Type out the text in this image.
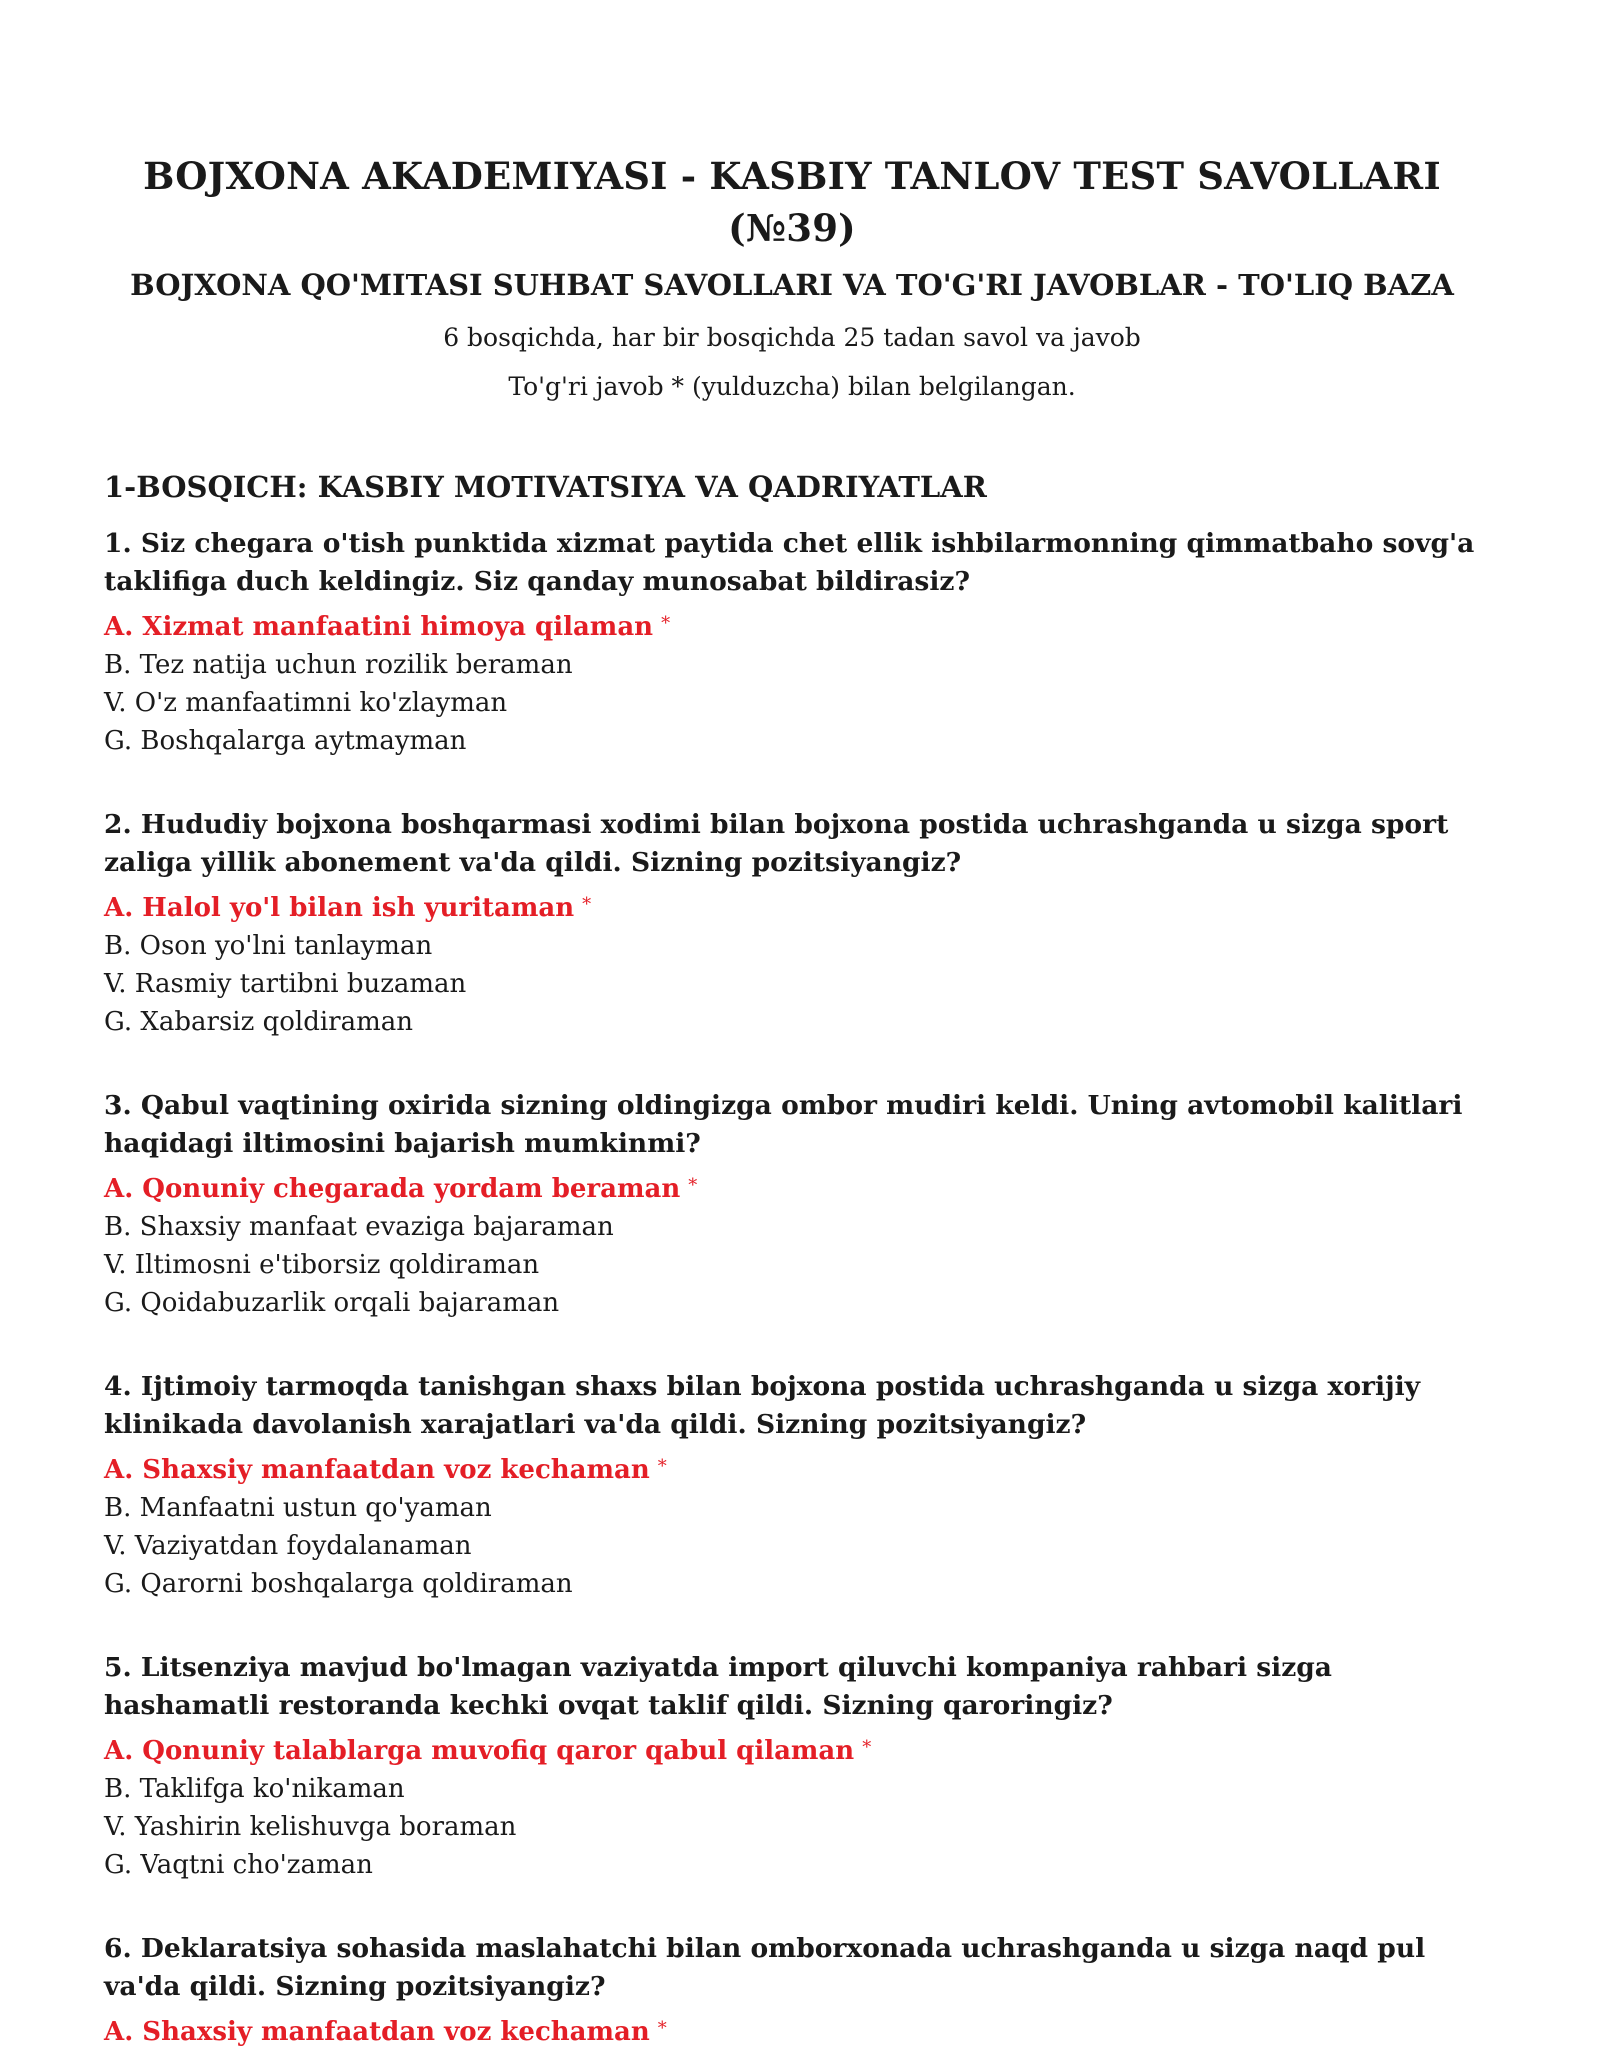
BOJXONA AKADEMIYASI - KASBIY TANLOV TEST SAVOLLARI (№39)
BOJXONA QO'MITASI SUHBAT SAVOLLARI VA TO'G'RI JAVOBLAR - TO'LIQ BAZA

6 bosqichda, har bir bosqichda 25 tadan savol va javob

To'g'ri javob * (yulduzcha) bilan belgilangan.

1-BOSQICH: KASBIY MOTIVATSIYA VA QADRIYATLAR

1 . Siz chegara o'tish punktida xizmat paytida chet ellik ishbilarmonning qimmatbaho sovg'a taklifiga duch keldingiz. Siz qanday munosabat bildirasiz?

A . Xizmat manfaatini himoya qilaman *

B . Tez natija uchun rozilik beraman

V . O'z manfaatimni ko'zlayman

G . Boshqalarga aytmayman

2 . Hududiy bojxona boshqarmasi xodimi bilan bojxona postida uchrashganda u sizga sport zaliga yillik abonement va'da qildi. Sizning pozitsiyangiz?

A . Halol yo'l bilan ish yuritaman *

B . Oson yo'lni tanlayman

V . Rasmiy tartibni buzaman

G . Xabarsiz qoldiraman

3 . Qabul vaqtining oxirida sizning oldingizga ombor mudiri keldi. Uning avtomobil kalitlari haqidagi iltimosini bajarish mumkinmi?

A . Qonuniy chegarada yordam beraman *

B . Shaxsiy manfaat evaziga bajaraman

V . Iltimosni e'tiborsiz qoldiraman

G . Qoidabuzarlik orqali bajaraman

4 . Ijtimoiy tarmoqda tanishgan shaxs bilan bojxona postida uchrashganda u sizga xorijiy klinikada davolanish xarajatlari va'da qildi. Sizning pozitsiyangiz?

A . Shaxsiy manfaatdan voz kechaman *

B . Manfaatni ustun qo'yaman

V . Vaziyatdan foydalanaman

G . Qarorni boshqalarga qoldiraman

5 . Litsenziya mavjud bo'lmagan vaziyatda import qiluvchi kompaniya rahbari sizga hashamatli restoranda kechki ovqat taklif qildi. Sizning qaroringiz?

A . Qonuniy talablarga muvofiq qaror qabul qilaman *

B . Taklifga ko'nikaman

V . Yashirin kelishuvga boraman

G . Vaqtni cho'zaman

6 . Deklaratsiya sohasida maslahatchi bilan omborxonada uchrashganda u sizga naqd pul va'da qildi. Sizning pozitsiyangiz?

A . Shaxsiy manfaatdan voz kechaman *
